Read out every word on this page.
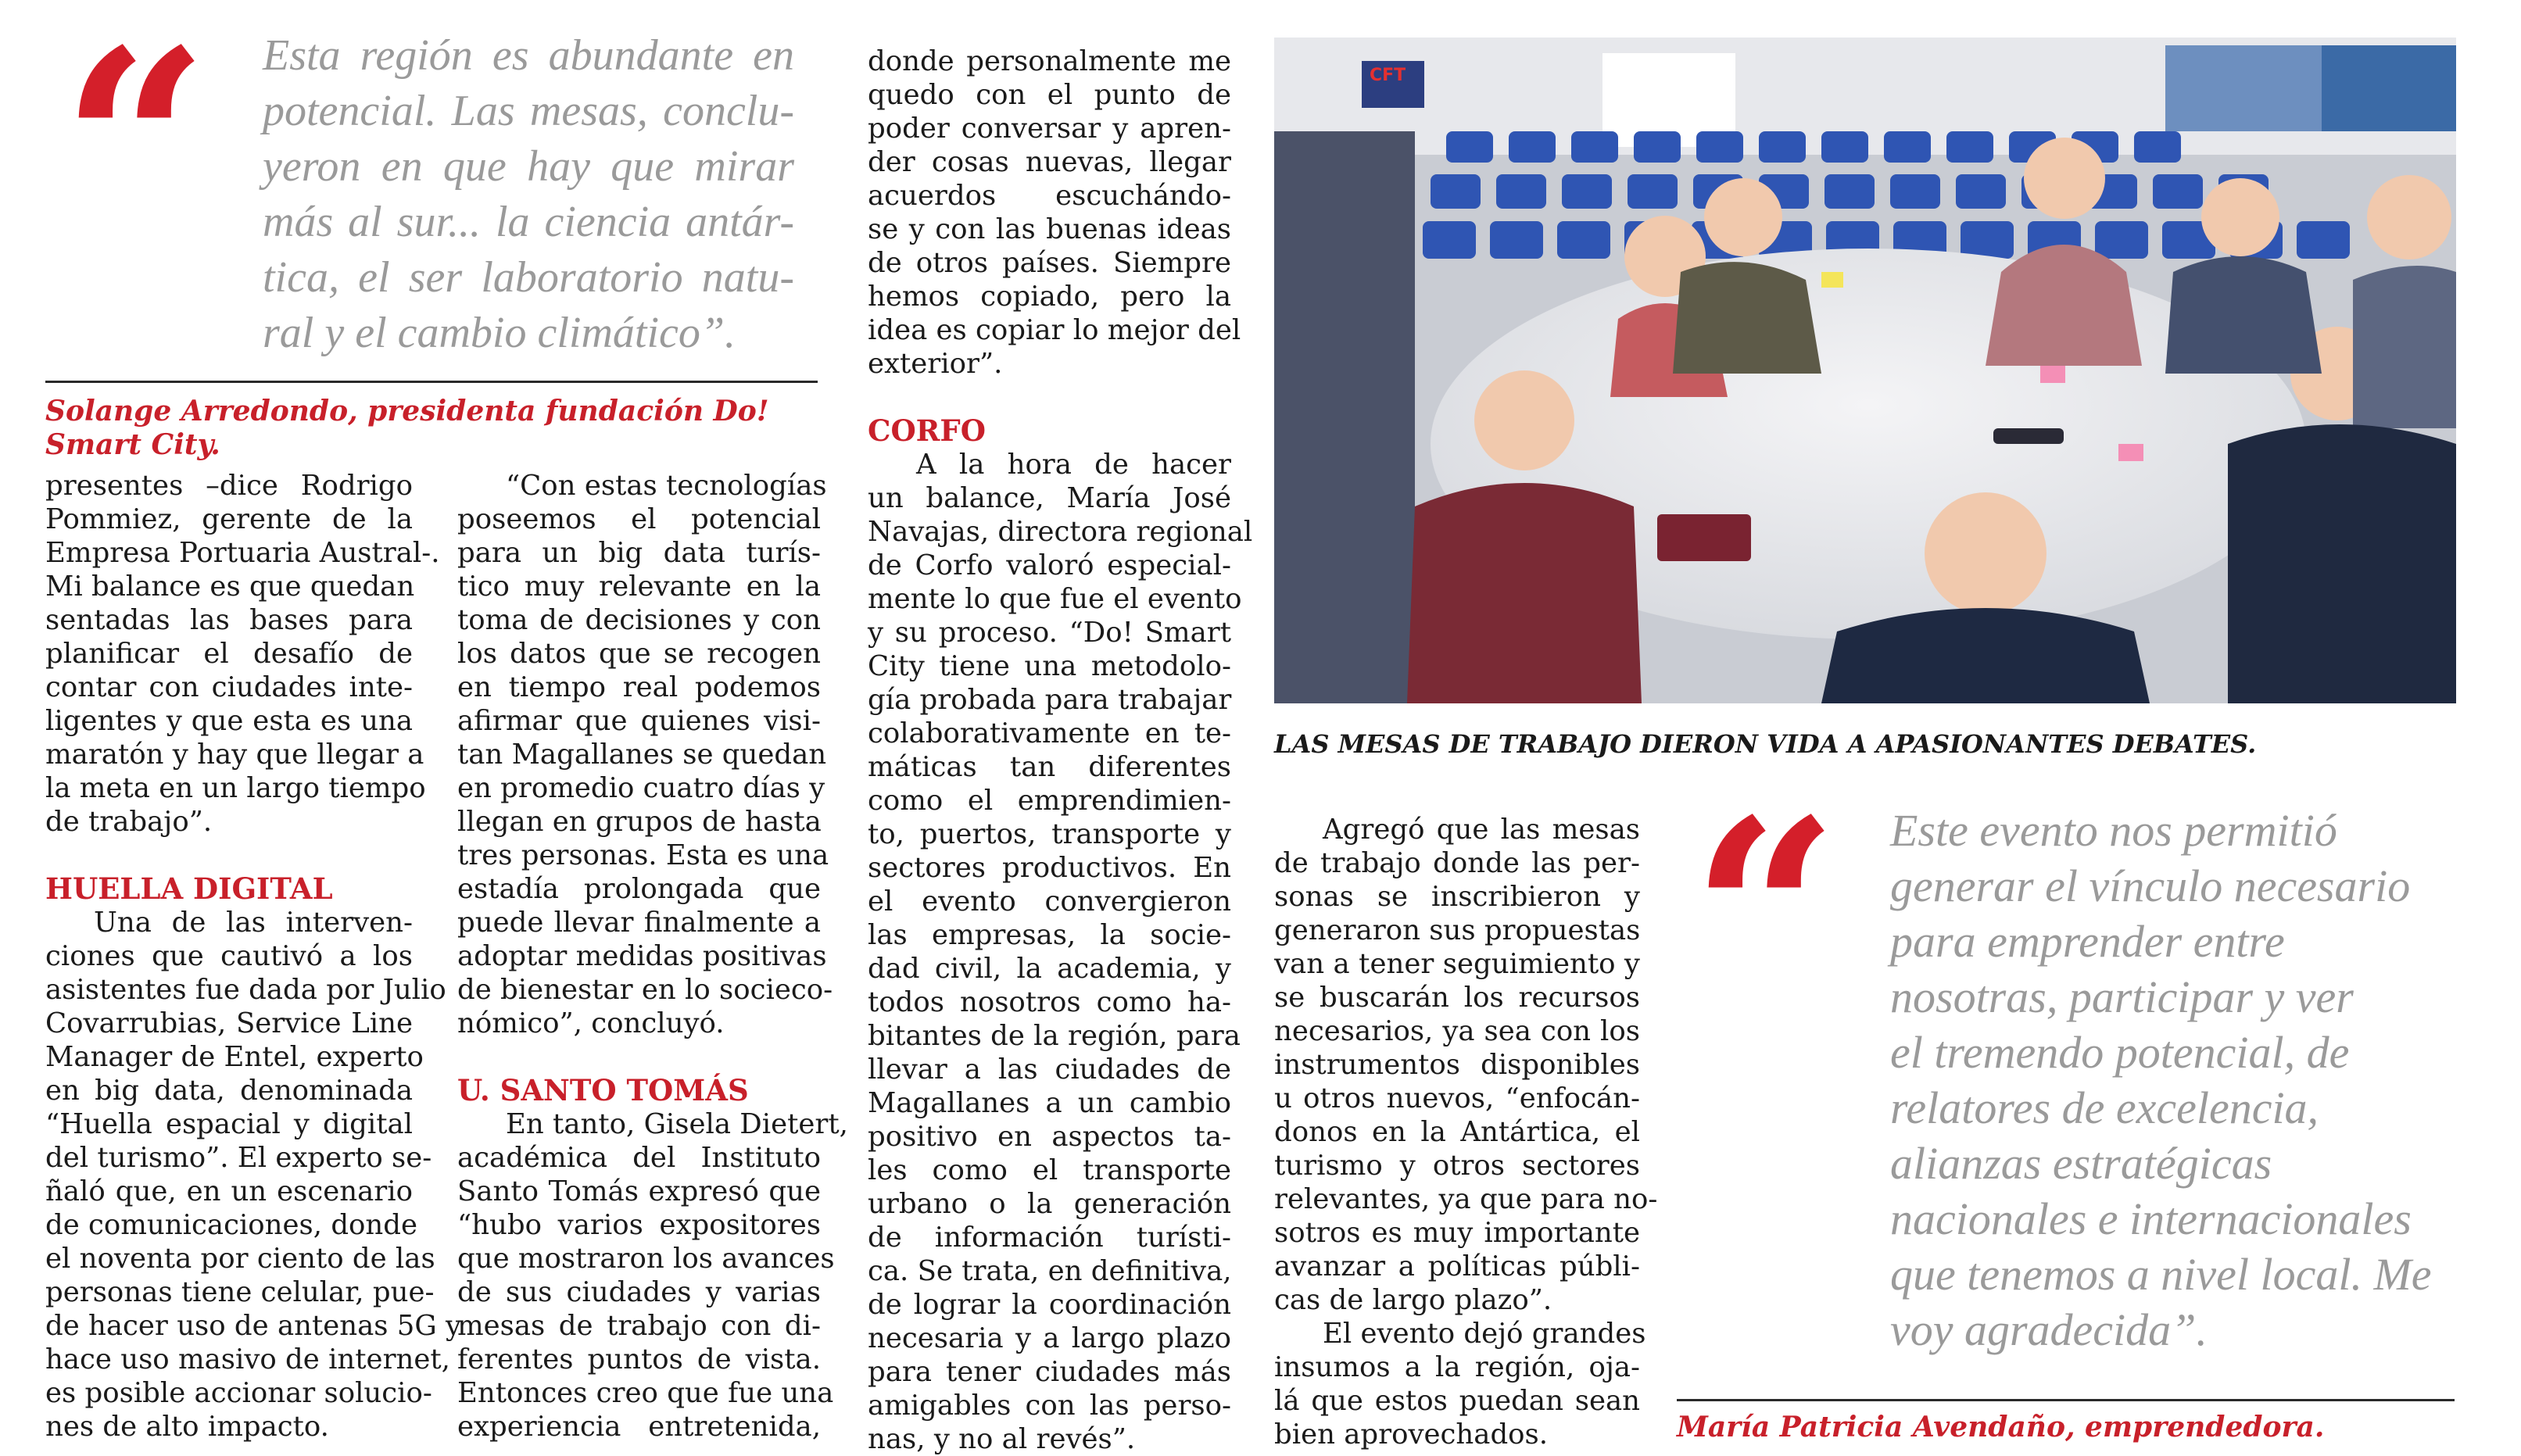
“ Esta región es abundante en
potencial. Las mesas, conclu-
yeron en que hay que mirar
más al sur... la ciencia antár-
tica, el ser laboratorio natu-
ral y el cambio climático”.
Solange Arredondo, presidenta fundación Do!
Smart City.
presentes –dice Rodrigo
Pommiez, gerente de la
Empresa Portuaria Austral-.
Mi balance es que quedan
sentadas las bases para
planificar el desafío de
contar con ciudades inte-
ligentes y que esta es una
maratón y hay que llegar a
la meta en un largo tiempo
de trabajo”.
HUELLA DIGITAL
Una de las interven-
ciones que cautivó a los
asistentes fue dada por Julio
Covarrubias, Service Line
Manager de Entel, experto
en big data, denominada
“Huella espacial y digital
del turismo”. El experto se-
ñaló que, en un escenario
de comunicaciones, donde
el noventa por ciento de las
personas tiene celular, pue-
de hacer uso de antenas 5G y
hace uso masivo de internet,
es posible accionar solucio-
nes de alto impacto.
“Con estas tecnologías
poseemos el potencial
para un big data turís-
tico muy relevante en la
toma de decisiones y con
los datos que se recogen
en tiempo real podemos
afirmar que quienes visi-
tan Magallanes se quedan
en promedio cuatro días y
llegan en grupos de hasta
tres personas. Esta es una
estadía prolongada que
puede llevar finalmente a
adoptar medidas positivas
de bienestar en lo socieco-
nómico”, concluyó.
U. SANTO TOMÁS
En tanto, Gisela Dietert,
académica del Instituto
Santo Tomás expresó que
“hubo varios expositores
que mostraron los avances
de sus ciudades y varias
mesas de trabajo con di-
ferentes puntos de vista.
Entonces creo que fue una
experiencia entretenida,
donde personalmente me
quedo con el punto de
poder conversar y apren-
der cosas nuevas, llegar
acuerdos escuchándo-
se y con las buenas ideas
de otros países. Siempre
hemos copiado, pero la
idea es copiar lo mejor del
exterior”.
CORFO
A la hora de hacer
un balance, María José
Navajas, directora regional
de Corfo valoró especial-
mente lo que fue el evento
y su proceso. “Do! Smart
City tiene una metodolo-
gía probada para trabajar
colaborativamente en te-
máticas tan diferentes
como el emprendimien-
to, puertos, transporte y
sectores productivos. En
el evento convergieron
las empresas, la socie-
dad civil, la academia, y
todos nosotros como ha-
bitantes de la región, para
llevar a las ciudades de
Magallanes a un cambio
positivo en aspectos ta-
les como el transporte
urbano o la generación
de información turísti-
ca. Se trata, en definitiva,
de lograr la coordinación
necesaria y a largo plazo
para tener ciudades más
amigables con las perso-
nas, y no al revés”.
Agregó que las mesas
de trabajo donde las per-
sonas se inscribieron y
generaron sus propuestas
van a tener seguimiento y
se buscarán los recursos
necesarios, ya sea con los
instrumentos disponibles
u otros nuevos, “enfocán-
donos en la Antártica, el
turismo y otros sectores
relevantes, ya que para no-
sotros es muy importante
avanzar a políticas públi-
cas de largo plazo”.
El evento dejó grandes
insumos a la región, oja-
lá que estos puedan sean
bien aprovechados.
CFT
LAS MESAS DE TRABAJO DIERON VIDA A APASIONANTES DEBATES.
“ Este evento nos permitió
generar el vínculo necesario
para emprender entre
nosotras, participar y ver
el tremendo potencial, de
relatores de excelencia,
alianzas estratégicas
nacionales e internacionales
que tenemos a nivel local. Me
voy agradecida”.
María Patricia Avendaño, emprendedora.
